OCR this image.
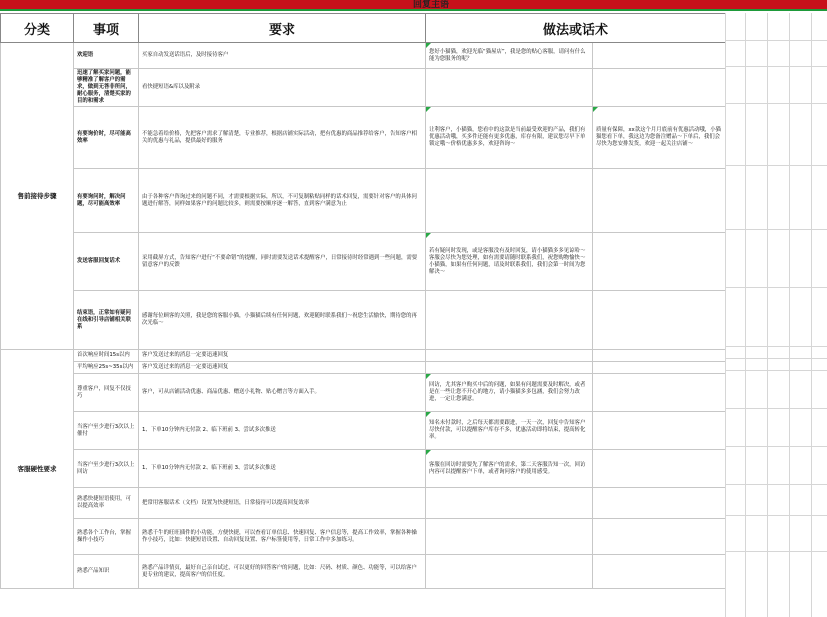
回复主语
分类	事项	要求	做法或话术	
售前接待步骤	欢迎语	买家自动发送话语后，及时接待客户	您好小猫猫，欢迎光临“猫屋店”，我是您的贴心客服，请问有什么能为您服务的呢？	
	迅速了解买家问题，能够精准了解客户的需求，做到无答非所问，耐心服务，清楚买家的目的和需求	看快捷短语&库以及附录		
	有要询价时，尽可能高效率	不能急着给价格，先把客户需求了解清楚，专业推荐，根据店铺实际活动，把有优惠的商品推荐给客户，告知客户相关的优惠与礼品，提供最好的服务	让利客户，小猫猫，您看中的这款是当前最受欢迎的产品，我们有优惠活动哦，买多件还能有更多优惠，库存有限，建议您尽早下单锁定哦～价格优惠多多，欢迎咨询～	质量有保障，xx款这个月月底前有优惠活动哦，小猫猫您看下单，我这边为您备注赠品～下单后，我们会尽快为您安排发货，欢迎一起关注店铺～
	有要询问时，解决问题，尽可能高效率	由于各种客户咨询过来的问题不同，才需要根据实际，所以，不可复制粘贴同样的话术回复，需要针对客户的具体问题进行解答，同样如果客户的问题比较多，则需要按顺序逐一解答，直到客户满意为止		
	发送客服回复话术	采用截屏方式，告知客户进行“不要命错”的提醒，同时需要发送话术提醒客户，日常接待时经常遇到一些问题，需要留意客户的反馈	若有疑问时发现，或是客服没有及时回复，请小猫猫多多见谅哈～客服会尽快为您处理，如有需要请随时联系我们，祝您购物愉快～小猫猫，如果有任何问题，请及时联系我们，我们会第一时间为您解决～	
	结束语，正常如有疑问在线和引导店铺相关联系	感谢每位顾客的关照，我是您的客服小猫，小猫猫后续有任何问题，欢迎随时联系我们～祝您生活愉快，期待您的再次光临～		
客服硬性要求	首次响应时间15s以内	客户发送过来的消息一定要迅速回复		
	平均响应25s~35s以内	客户发送过来的消息一定要迅速回复		
	尊重客户，回复不仅技巧	客户，可从店铺活动优惠、商品优惠、赠送小礼物、贴心赠言等方面入手。	回访，尤其客户购买中后的问题，如果有问题需要及时解决，或者是在一些让您不开心的地方，请小猫猫多多包涵，我们会努力改进，一定让您满意。	
	当客户至少进行3次以上催付	1、下单10分钟内无付款 2、临下班前 3、尝试多次推送	知名未付款时，之后每天都需要跟进，一天一次，回复中告知客户尽快付款，可以提醒客户库存不多，优惠活动即将结束，提高转化率。	
	当客户至少进行3次以上回访	1、下单10分钟内无付款 2、临下班前 3、尝试多次推送	客服在回访时需要先了解客户的需求，第二天客服告知一次，回访内容可以提醒客户下单，或者询问客户的使用感受。	
	熟悉快捷短语使用，可以提高效率	把常用客服话术（文档）设置为快捷短语，日常接待可以提高回复效率		
	熟悉各个工作台，掌握操作小技巧	熟悉千牛的旺旺插件的小功能，方便快捷，可以查看订单信息、快速回复、客户信息等，提高工作效率，掌握各种操作小技巧，比如：快捷短语设置、自动回复设置、客户标签使用等，日常工作中多加练习。		
	熟悉产品知识	熟悉产品详情页，最好自己亲自试过，可以更好的回答客户的问题，比如：尺码、材质、颜色、功能等，可以给客户更专业的建议，提高客户的信任度。		
